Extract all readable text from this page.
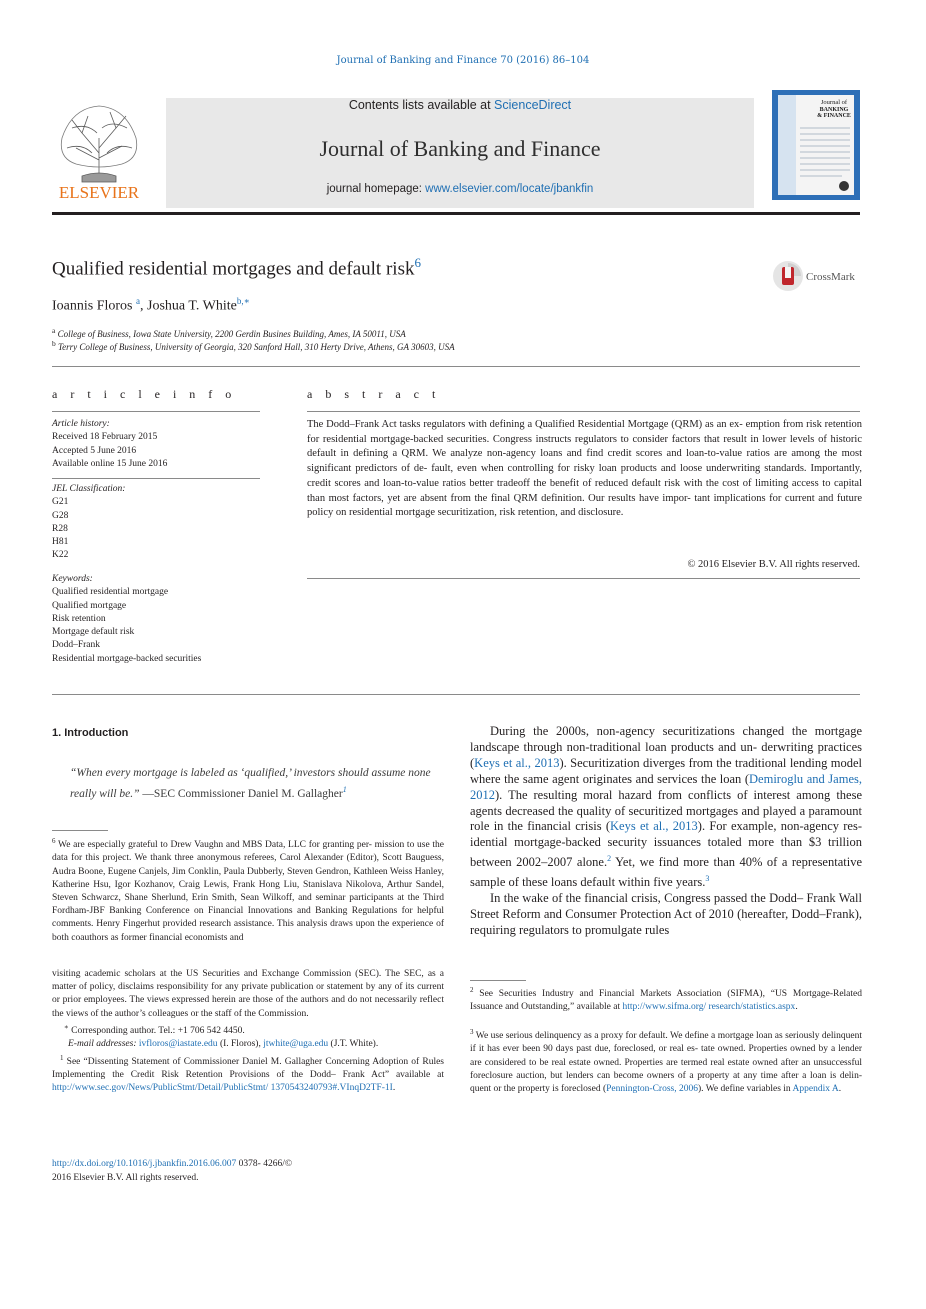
Journal of Banking and Finance 70 (2016) 86–104
ELSEVIER
Contents lists available at ScienceDirect
Journal of Banking and Finance
journal homepage: www.elsevier.com/locate/jbankfin
Journal of
BANKING
& FINANCE
Qualified residential mortgages and default risk$^6$
CrossMark
Ioannis Floros $^a$, Joshua T. White$^{b,∗}$
$^a$ College of Business, Iowa State University, 2200 Gerdin Busines Building, Ames, IA 50011, USA
$^b$ Terry College of Business, University of Georgia, 320 Sanford Hall, 310 Herty Drive, Athens, GA 30603, USA
a r t i c l e i n f o	a b s t r a c t
Article history:
Received 18 February 2015
Accepted 5 June 2016
Available online 15 June 2016
JEL Classification:
G21
G28
R28
H81
K22
Keywords:
Qualified residential mortgage
Qualified mortgage
Risk retention
Mortgage default risk
Dodd–Frank
Residential mortgage-backed securities
The Dodd–Frank Act tasks regulators with defining a Qualified Residential Mortgage (QRM) as an ex- emption from risk retention for residential mortgage-backed securities. Congress instructs regulators to consider factors that result in lower levels of historic default in defining a QRM. We analyze non-agency loans and find credit scores and loan-to-value ratios are among the most significant predictors of de- fault, even when controlling for risky loan products and loose underwriting standards. Importantly, credit scores and loan-to-value ratios better tradeoff the benefit of reduced default risk with the cost of limiting access to capital than most factors, yet are absent from the final QRM definition. Our results have impor- tant implications for current and future policy on residential mortgage securitization, risk retention, and disclosure.
© 2016 Elsevier B.V. All rights reserved.
1. Introduction
“When every mortgage is labeled as ‘qualified,’ investors should assume none really will be.” —SEC Commissioner Daniel M. Gallagher$^1$
$^6$ We are especially grateful to Drew Vaughn and MBS Data, LLC for granting per- mission to use the data for this project. We thank three anonymous referees, Carol Alexander (Editor), Scott Bauguess, Audra Boone, Eugene Canjels, Jim Conklin, Paula Dubberly, Steven Gendron, Kathleen Weiss Hanley, Katherine Hsu, Igor Kozhanov, Craig Lewis, Frank Hong Liu, Stanislava Nikolova, Arthur Sandel, Steven Schwarcz, Shane Sherlund, Erin Smith, Sean Wilkoff, and seminar participants at the Third Fordham-JBF Banking Conference on Financial Innovations and Banking Regulations for helpful comments. Henry Fingerhut provided research assistance. This analysis draws upon the experience of both coauthors as former financial economists and
visiting academic scholars at the US Securities and Exchange Commission (SEC). The SEC, as a matter of policy, disclaims responsibility for any private publication or statement by any of its current or prior employees. The views expressed herein are those of the authors and do not necessarily reflect the views of the author’s colleagues or the staff of the Commission.
∗ Corresponding author. Tel.: +1 706 542 4450.
E-mail addresses: ivfloros@iastate.edu (I. Floros), jtwhite@uga.edu (J.T. White).
$^1$ See “Dissenting Statement of Commissioner Daniel M. Gallagher Concerning Adoption of Rules Implementing the Credit Risk Retention Provisions of the Dodd– Frank Act” available at http://www.sec.gov/News/PublicStmt/Detail/PublicStmt/ 1370543240793#.VInqD2TF-1I.

During the 2000s, non-agency securitizations changed the mortgage landscape through non-traditional loan products and un- derwriting practices (Keys et al., 2013). Securitization diverges from the traditional lending model where the same agent originates and services the loan (Demiroglu and James, 2012). The resulting moral hazard from conflicts of interest among these agents decreased the quality of securitized mortgages and played a paramount role in the financial crisis (Keys et al., 2013). For example, non-agency res- idential mortgage-backed security issuances totaled more than $3 trillion between 2002–2007 alone.$^2$ Yet, we find more than 40% of a representative sample of these loans default within five years.$^3$

In the wake of the financial crisis, Congress passed the Dodd– Frank Wall Street Reform and Consumer Protection Act of 2010 (hereafter, Dodd–Frank), requiring regulators to promulgate rules

$^2$ See Securities Industry and Financial Markets Association (SIFMA), “US Mortgage-Related Issuance and Outstanding,” available at http://www.sifma.org/ research/statistics.aspx.
$^3$ We use serious delinquency as a proxy for default. We define a mortgage loan as seriously delinquent if it has ever been 90 days past due, foreclosed, or real es- tate owned. Properties owned by a lender are considered to be real estate owned. Properties are termed real estate owned after an unsuccessful foreclosure auction, but lenders can become owners of a property at any time after a loan is delin- quent or the property is foreclosed (Pennington-Cross, 2006). We define variables in Appendix A.
http://dx.doi.org/10.1016/j.jbankfin.2016.06.007 0378- 4266/© 2016 Elsevier B.V. All rights reserved.
